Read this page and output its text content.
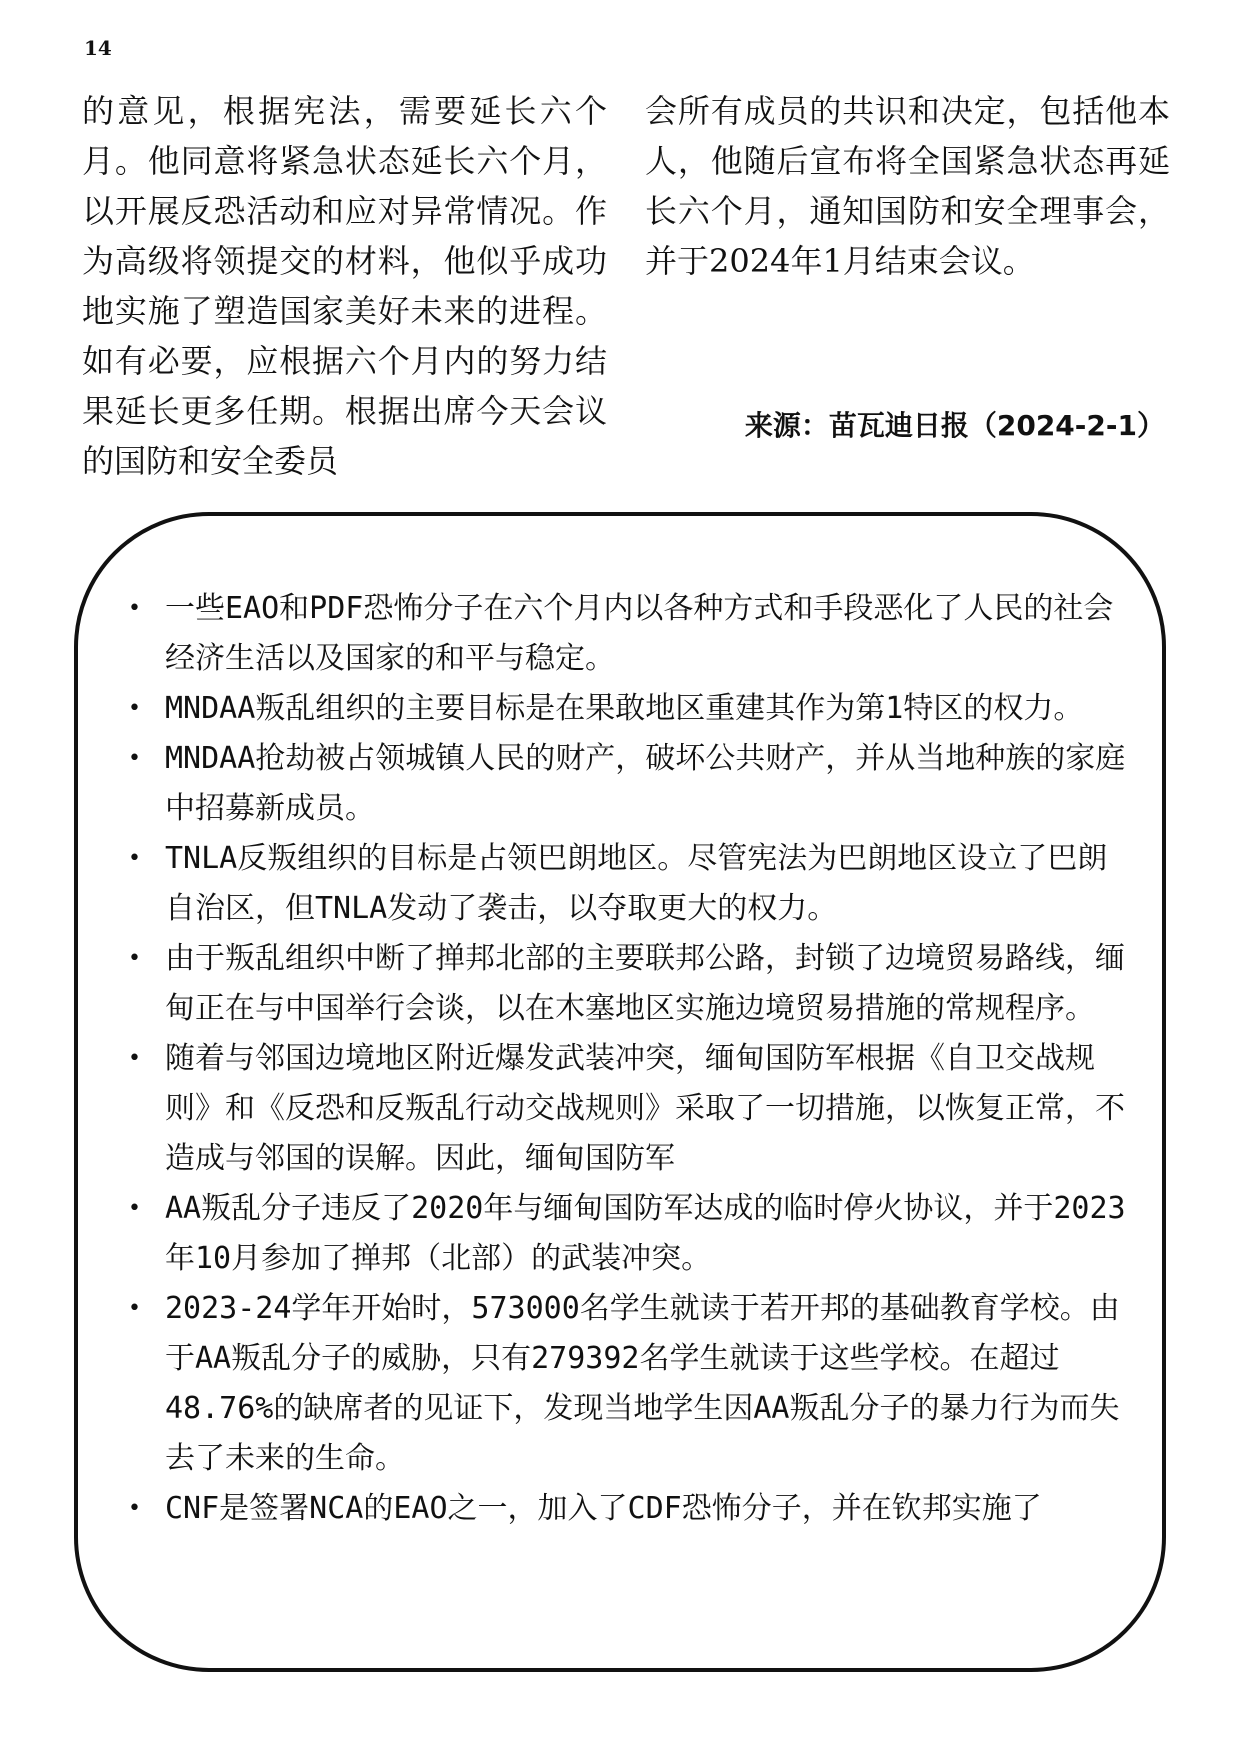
14

的意见，根据宪法，需要延长六个月。他同意将紧急状态延长六个月，以开展反恐活动和应对异常情况。作为高级将领提交的材料，他似乎成功地实施了塑造国家美好未来的进程。如有必要，应根据六个月内的努力结果延长更多任期。根据出席今天会议的国防和安全委员

会所有成员的共识和决定，包括他本人，他随后宣布将全国紧急状态再延长六个月，通知国防和安全理事会，并于2024年1月结束会议。

来源：苗瓦迪日报（2024-2-1）
• 一些EAO和PDF恐怖分子在六个月内以各种方式和手段恶化了人民的社会经济生活以及国家的和平与稳定。
• MNDAA叛乱组织的主要目标是在果敢地区重建其作为第1特区的权力。
• MNDAA抢劫被占领城镇人民的财产，破坏公共财产，并从当地种族的家庭中招募新成员。
• TNLA反叛组织的目标是占领巴朗地区。尽管宪法为巴朗地区设立了巴朗自治区，但TNLA发动了袭击，以夺取更大的权力。
• 由于叛乱组织中断了掸邦北部的主要联邦公路，封锁了边境贸易路线，缅甸正在与中国举行会谈，以在木塞地区实施边境贸易措施的常规程序。
• 随着与邻国边境地区附近爆发武装冲突，缅甸国防军根据《自卫交战规则》和《反恐和反叛乱行动交战规则》采取了一切措施，以恢复正常，不造成与邻国的误解。因此，缅甸国防军
• AA叛乱分子违反了2020年与缅甸国防军达成的临时停火协议，并于2023年10月参加了掸邦（北部）的武装冲突。
• 2023-24学年开始时，573000名学生就读于若开邦的基础教育学校。由于AA叛乱分子的威胁，只有279392名学生就读于这些学校。在超过48.76%的缺席者的见证下，发现当地学生因AA叛乱分子的暴力行为而失去了未来的生命。
• CNF是签署NCA的EAO之一，加入了CDF恐怖分子，并在钦邦实施了
